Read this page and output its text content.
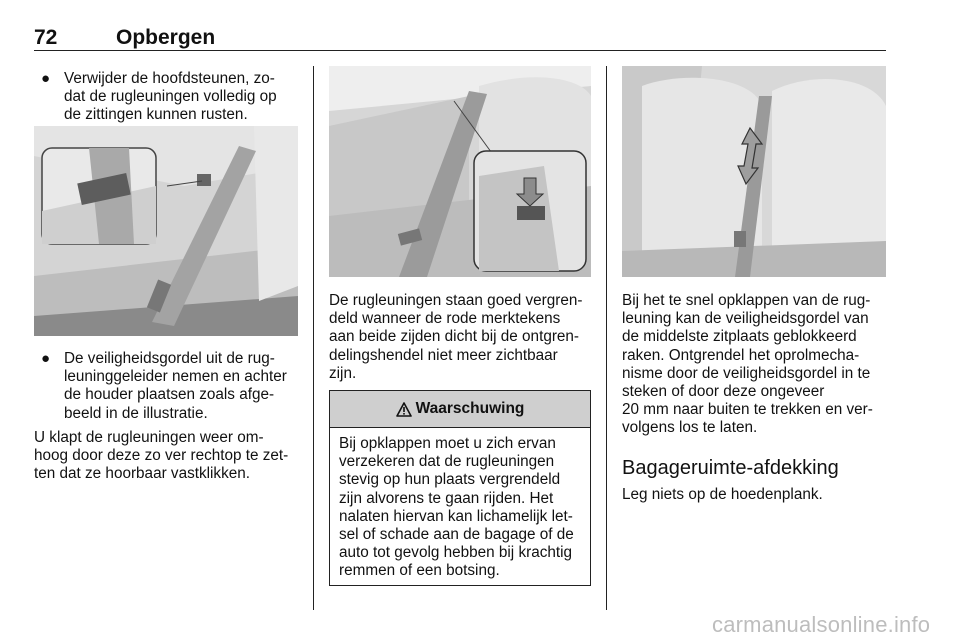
72	Opbergen
● Verwijder de hoofdsteunen, zo-
dat de rugleuningen volledig op
de zittingen kunnen rusten.
● De veiligheidsgordel uit de rug-
leuninggeleider nemen en achter
de houder plaatsen zoals afge-
beeld in de illustratie.

U klapt de rugleuningen weer om-
hoog door deze zo ver rechtop te zet-
ten dat ze hoorbaar vastklikken.

De rugleuningen staan goed vergren-
deld wanneer de rode merktekens
aan beide zijden dicht bij de ontgren-
delingshendel niet meer zichtbaar
zijn.

Waarschuwing
Bij opklappen moet u zich ervan
verzekeren dat de rugleuningen
stevig op hun plaats vergrendeld
zijn alvorens te gaan rijden. Het
nalaten hiervan kan lichamelijk let-
sel of schade aan de bagage of de
auto tot gevolg hebben bij krachtig
remmen of een botsing.

Bij het te snel opklappen van de rug-
leuning kan de veiligheidsgordel van
de middelste zitplaats geblokkeerd
raken. Ontgrendel het oprolmecha-
nisme door de veiligheidsgordel in te
steken of door deze ongeveer
20 mm naar buiten te trekken en ver-
volgens los te laten.

Bagageruimte-afdekking

Leg niets op de hoedenplank.

carmanualsonline.info
